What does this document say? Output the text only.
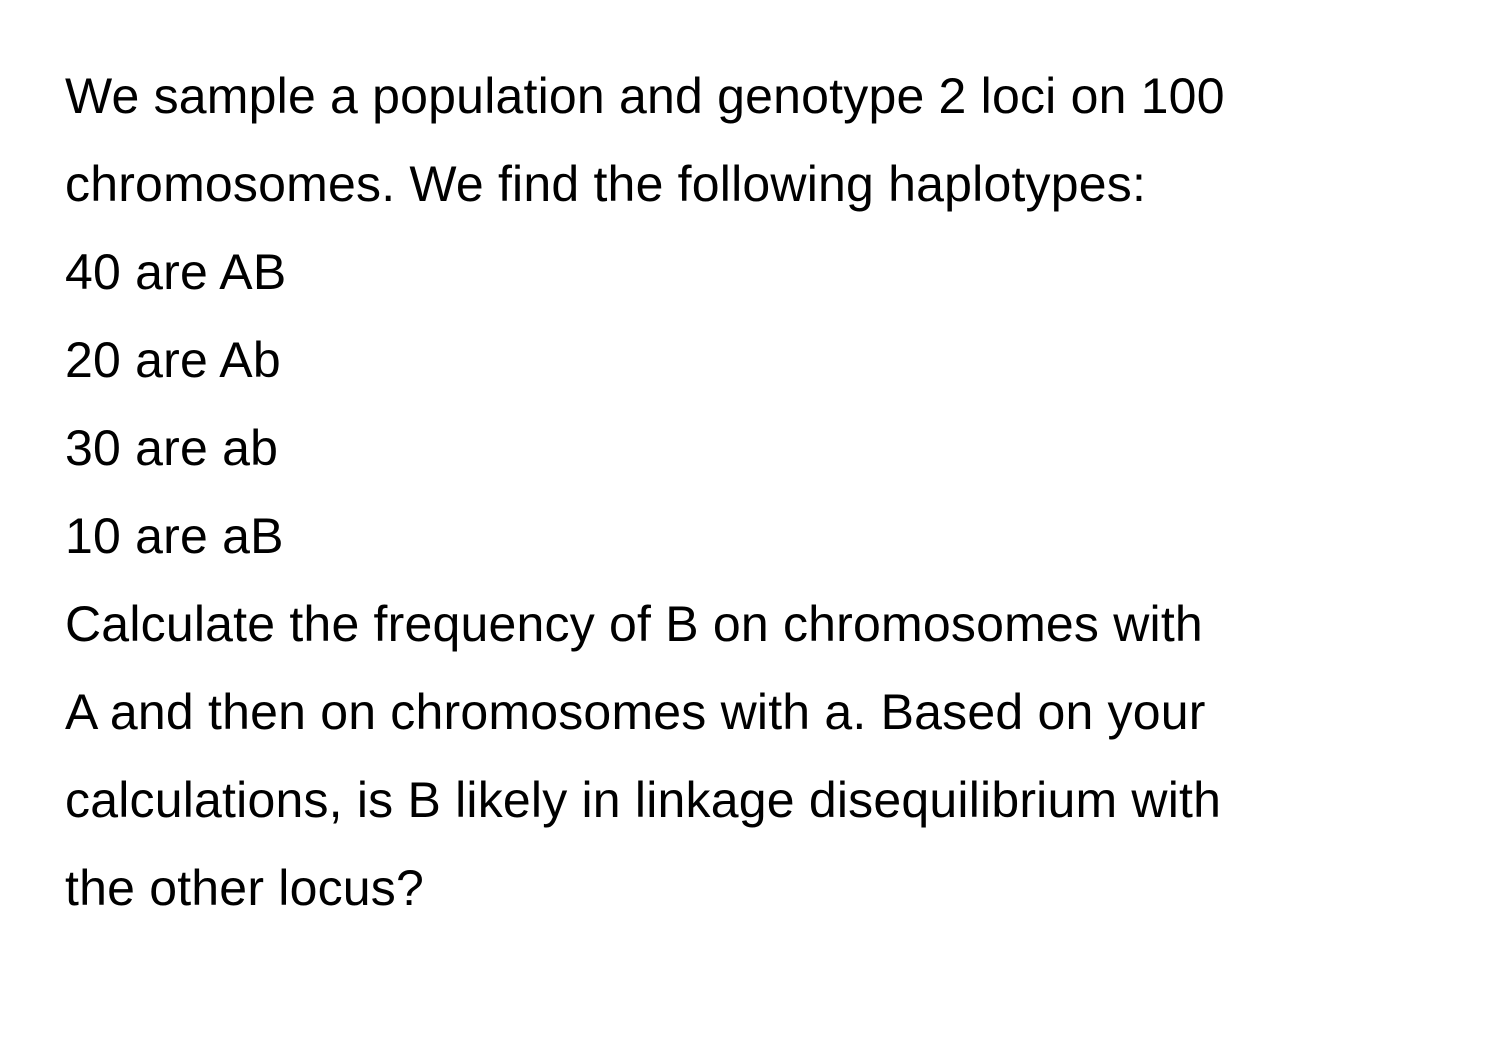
We sample a population and genotype 2 loci on 100
chromosomes. We find the following haplotypes:
40 are AB
20 are Ab
30 are ab
10 are aB
Calculate the frequency of B on chromosomes with
A and then on chromosomes with a. Based on your
calculations, is B likely in linkage disequilibrium with
the other locus?
